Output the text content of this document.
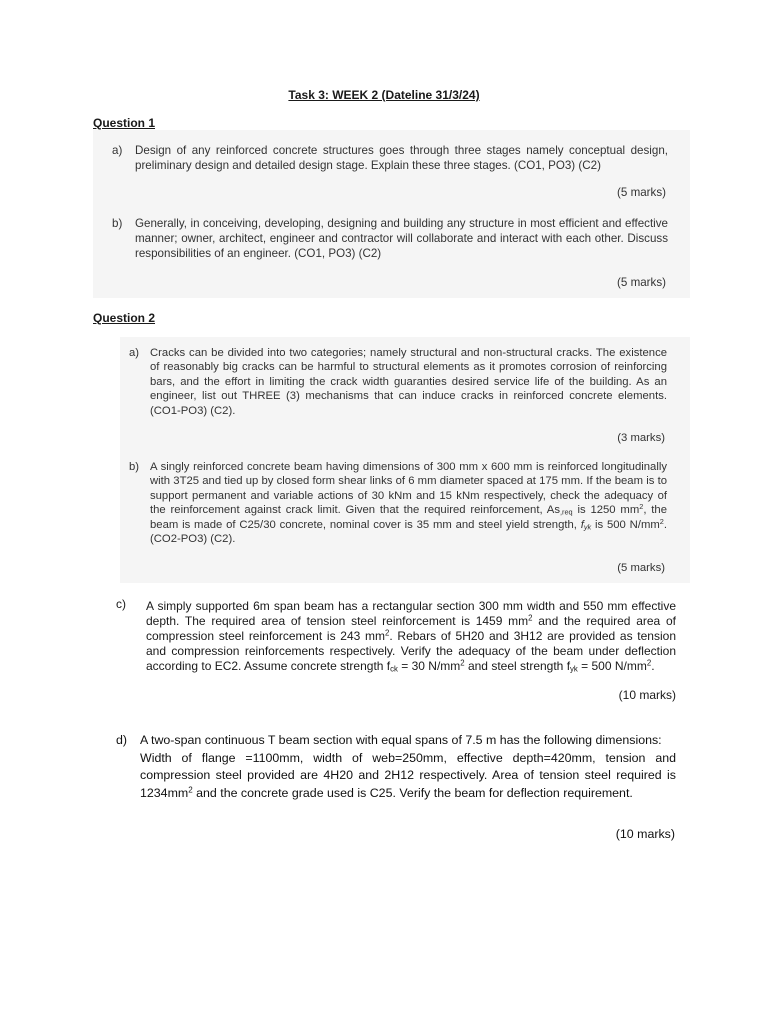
Task 3: WEEK 2 (Dateline 31/3/24)
Question 1
a) Design of any reinforced concrete structures goes through three stages namely conceptual design, preliminary design and detailed design stage. Explain these three stages. (CO1, PO3) (C2)
(5 marks)
b) Generally, in conceiving, developing, designing and building any structure in most efficient and effective manner; owner, architect, engineer and contractor will collaborate and interact with each other. Discuss responsibilities of an engineer. (CO1, PO3) (C2)
(5 marks)
Question 2
a) Cracks can be divided into two categories; namely structural and non-structural cracks. The existence of reasonably big cracks can be harmful to structural elements as it promotes corrosion of reinforcing bars, and the effort in limiting the crack width guaranties desired service life of the building. As an engineer, list out THREE (3) mechanisms that can induce cracks in reinforced concrete elements. (CO1-PO3) (C2).
(3 marks)
b) A singly reinforced concrete beam having dimensions of 300 mm x 600 mm is reinforced longitudinally with 3T25 and tied up by closed form shear links of 6 mm diameter spaced at 175 mm. If the beam is to support permanent and variable actions of 30 kNm and 15 kNm respectively, check the adequacy of the reinforcement against crack limit. Given that the required reinforcement, $As_{,req}$ is 1250 $mm^2$, the beam is made of C25/30 concrete, nominal cover is 35 mm and steel yield strength, $f_{yk}$ is 500 $N/mm^2$. (CO2-PO3) (C2).
(5 marks)
c) A simply supported 6m span beam has a rectangular section 300 mm width and 550 mm effective depth. The required area of tension steel reinforcement is 1459 $mm^2$ and the required area of compression steel reinforcement is 243 $mm^2$. Rebars of 5H20 and 3H12 are provided as tension and compression reinforcements respectively. Verify the adequacy of the beam under deflection according to EC2. Assume concrete strength $f_{ck} = 30$ $N/mm^2$ and steel strength $f_{yk} = 500$ $N/mm^2$.
(10 marks)
d) A two-span continuous T beam section with equal spans of 7.5 m has the following dimensions:
Width of flange =1100mm, width of web=250mm, effective depth=420mm, tension and compression steel provided are 4H20 and 2H12 respectively. Area of tension steel required is $1234mm^2$ and the concrete grade used is C25. Verify the beam for deflection requirement.
(10 marks)
